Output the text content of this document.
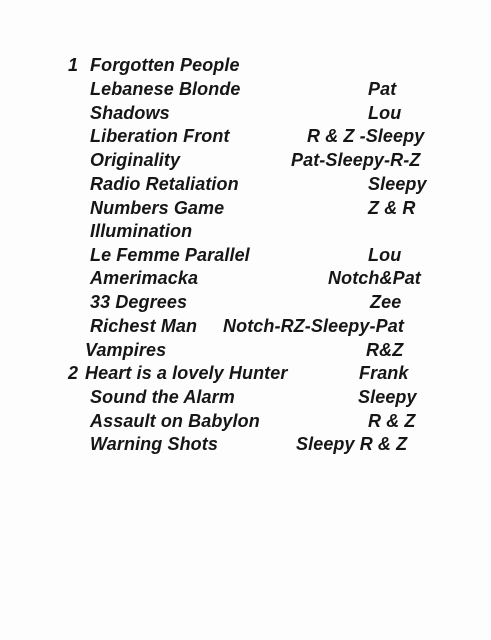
1 Forgotten People
Lebanese Blonde	Pat
Shadows	Lou
Liberation Front	R & Z -Sleepy
Originality	Pat-Sleepy-R-Z
Radio Retaliation	Sleepy
Numbers Game	Z & R
Illumination
Le Femme Parallel	Lou
Amerimacka	Notch&Pat
33 Degrees	Zee
Richest Man Notch-RZ-Sleepy-Pat
Vampires	R&Z
2 Heart is a lovely Hunter	Frank
Sound the Alarm	Sleepy
Assault on Babylon	R & Z
Warning Shots	Sleepy R & Z
